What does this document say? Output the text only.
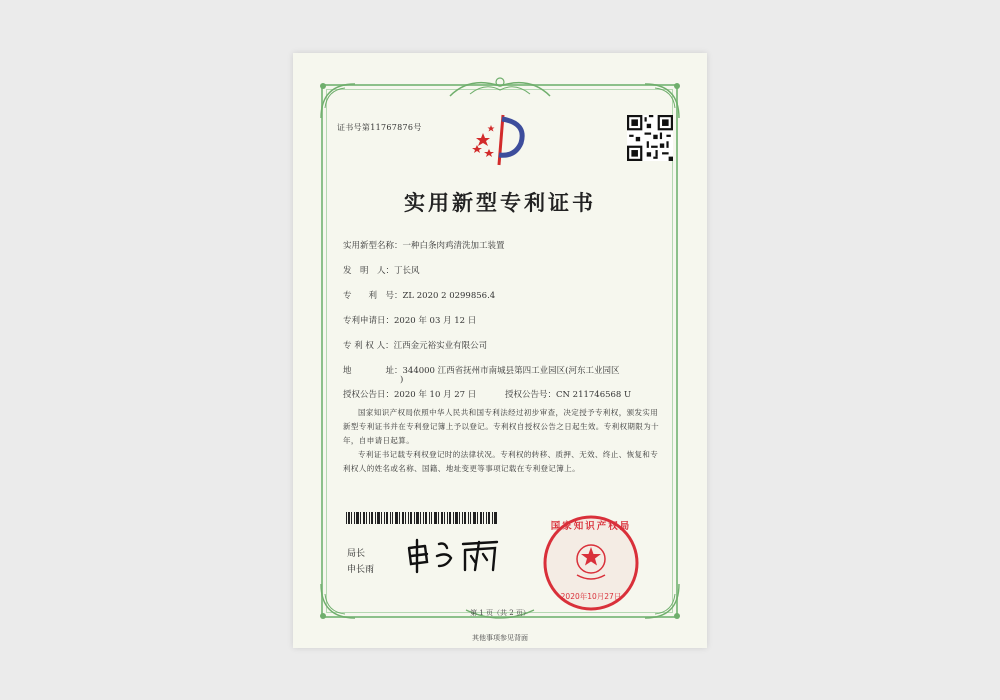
证书号第11767876号
实用新型专利证书
实用新型名称：一种白条肉鸡清洗加工装置
发　明　人：丁长风
专　　利　号：ZL 2020 2 0299856.4
专利申请日：2020 年 03 月 12 日
专 利 权 人：江西金元裕实业有限公司
地　　　　址：344000 江西省抚州市南城县第四工业园区(河东工业园区
)
授权公告日：2020 年 10 月 27 日	授权公告号：CN 211746568 U
国家知识产权局依照中华人民共和国专利法经过初步审查，决定授予专利权，颁发实用新型专利证书并在专利登记簿上予以登记。专利权自授权公告之日起生效。专利权期限为十年，自申请日起算。
专利证书记载专利权登记时的法律状况。专利权的转移、质押、无效、终止、恢复和专利权人的姓名或名称、国籍、地址变更等事项记载在专利登记簿上。
局长
申长雨
国家知识产权局
2020年10月27日
第 1 页（共 2 页）
其他事项参见背面
